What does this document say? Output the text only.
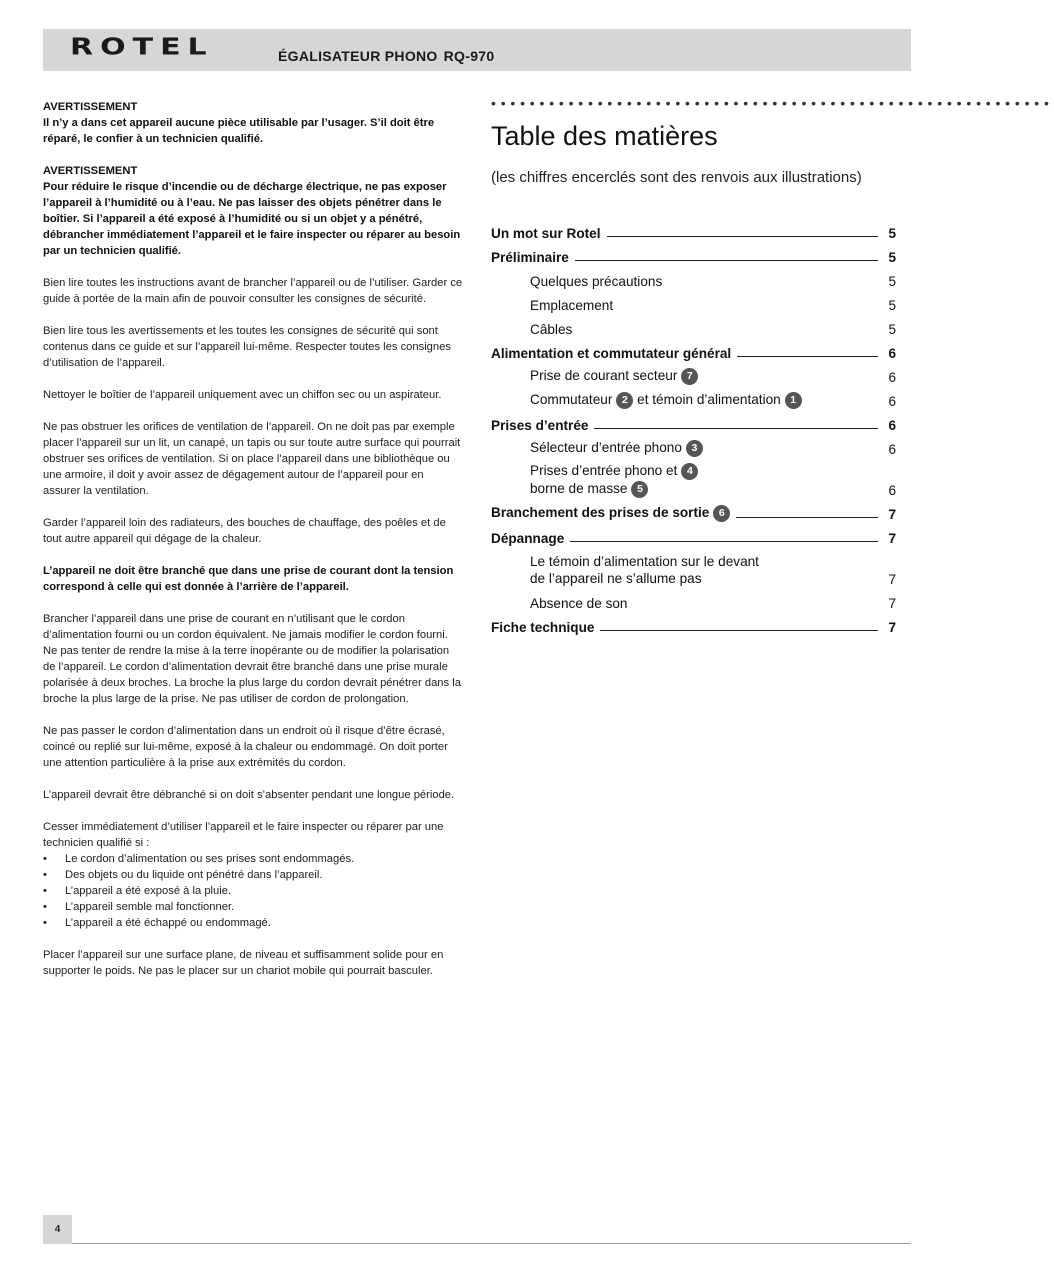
ROTEL	ÉGALISATEUR PHONO RQ-970
AVERTISSEMENT

Il n’y a dans cet appareil aucune pièce utilisable par l’usager. S’il doit être réparé, le confier à un technicien qualifié.

AVERTISSEMENT

Pour réduire le risque d’incendie ou de décharge électrique, ne pas exposer l’appareil à l’humidité ou à l’eau. Ne pas laisser des objets pénétrer dans le boîtier. Si l’appareil a été exposé à l’humidité ou si un objet y a pénétré, débrancher immédiatement l’appareil et le faire inspecter ou réparer au besoin par un technicien qualifié.

Bien lire toutes les instructions avant de brancher l’appareil ou de l’utiliser. Garder ce guide à portée de la main afin de pouvoir consulter les consignes de sécurité.

Bien lire tous les avertissements et les toutes les consignes de sécurité qui sont contenus dans ce guide et sur l’appareil lui-même. Respecter toutes les consignes d’utilisation de l’appareil.

Nettoyer le boîtier de l’appareil uniquement avec un chiffon sec ou un aspirateur.

Ne pas obstruer les orifices de ventilation de l’appareil. On ne doit pas par exemple placer l’appareil sur un lit, un canapé, un tapis ou sur toute autre surface qui pourrait obstruer ses orifices de ventilation. Si on place l’appareil dans une bibliothèque ou une armoire, il doit y avoir assez de dégagement autour de l’appareil pour en assurer la ventilation.

Garder l’appareil loin des radiateurs, des bouches de chauffage, des poêles et de tout autre appareil qui dégage de la chaleur.

L’appareil ne doit être branché que dans une prise de courant dont la tension correspond à celle qui est donnée à l’arrière de l’appareil.

Brancher l’appareil dans une prise de courant en n’utilisant que le cordon d’alimentation fourni ou un cordon équivalent. Ne jamais modifier le cordon fourni. Ne pas tenter de rendre la mise à la terre inopérante ou de modifier la polarisation de l’appareil. Le cordon d’alimentation devrait être branché dans une prise murale polarisée à deux broches. La broche la plus large du cordon devrait pénétrer dans la broche la plus large de la prise. Ne pas utiliser de cordon de prolongation.

Ne pas passer le cordon d’alimentation dans un endroit où il risque d’être écrasé, coincé ou replié sur lui-même, exposé à la chaleur ou endommagé. On doit porter une attention particulière à la prise aux extrémités du cordon.

L’appareil devrait être débranché si on doit s’absenter pendant une longue période.

Cesser immédiatement d’utiliser l’appareil et le faire inspecter ou réparer par une technicien qualifié si :
• Le cordon d’alimentation ou ses prises sont endommagés.
• Des objets ou du liquide ont pénétré dans l’appareil.
• L’appareil a été exposé à la pluie.
• L’appareil semble mal fonctionner.
• L’appareil a été échappé ou endommagé.

Placer l’appareil sur une surface plane, de niveau et suffisamment solide pour en supporter le poids. Ne pas le placer sur un chariot mobile qui pourrait basculer.

••••••••••••••••••••••••••••••••••••••••••••••••••••••••••
Table des matières
(les chiffres encerclés sont des renvois aux illustrations)
Un mot sur Rotel	5
Préliminaire	5
Quelques précautions	5
Emplacement	5
Câbles	5
Alimentation et commutateur général	6
Prise de courant secteur 7	6
Commutateur 2 et témoin d’alimentation 1	6
Prises d’entrée	6
Sélecteur d’entrée phono 3	6
Prises d’entrée phono et 4
borne de masse 5	6
Branchement des prises de sortie 6	7
Dépannage	7
Le témoin d’alimentation sur le devant
de l’appareil ne s’allume pas	7
Absence de son	7
Fiche technique	7
4
